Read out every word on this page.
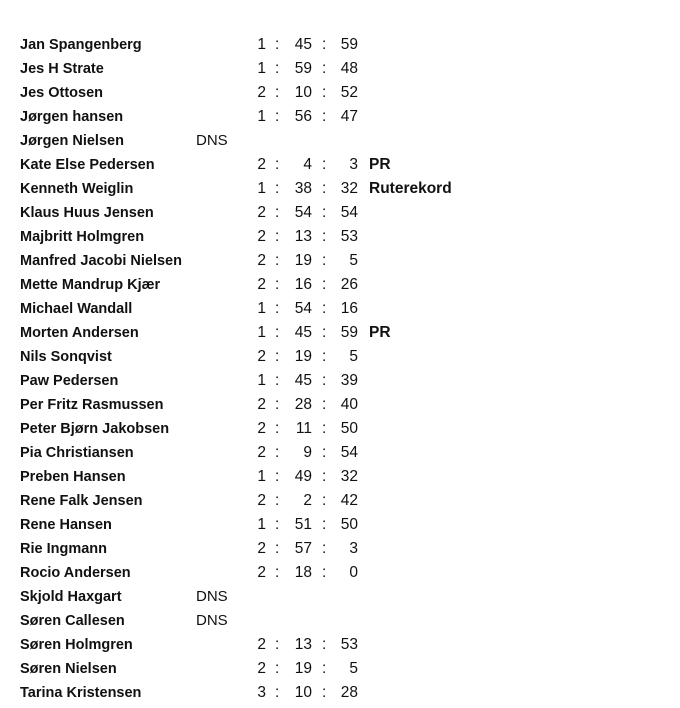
Jan Spangenberg	1 : 45 : 59
Jes H Strate	1 : 59 : 48
Jes Ottosen	2 : 10 : 52
Jørgen hansen	1 : 56 : 47
Jørgen Nielsen	DNS
Kate Else Pedersen	2 :	4 :	3 PR
Kenneth Weiglin	1 : 38 : 32 Ruterekord
Klaus Huus Jensen	2 : 54 : 54
Majbritt Holmgren	2 : 13 : 53
Manfred Jacobi Nielsen	2 : 19 :	5
Mette Mandrup Kjær	2 : 16 : 26
Michael Wandall	1 : 54 : 16
Morten Andersen	1 : 45 : 59 PR
Nils Sonqvist	2 : 19 :	5
Paw Pedersen	1 : 45 : 39
Per Fritz Rasmussen	2 : 28 : 40
Peter Bjørn Jakobsen	2 :	11 : 50
Pia Christiansen	2 :	9 : 54
Preben Hansen	1 : 49 : 32
Rene Falk Jensen	2 :	2 : 42
Rene Hansen	1 : 51 : 50
Rie Ingmann	2 : 57 :	3
Rocio Andersen	2 : 18 :	0
Skjold Haxgart	DNS
Søren Callesen	DNS
Søren Holmgren	2 : 13 : 53
Søren Nielsen	2 : 19 :	5
Tarina Kristensen	3 : 10 : 28
